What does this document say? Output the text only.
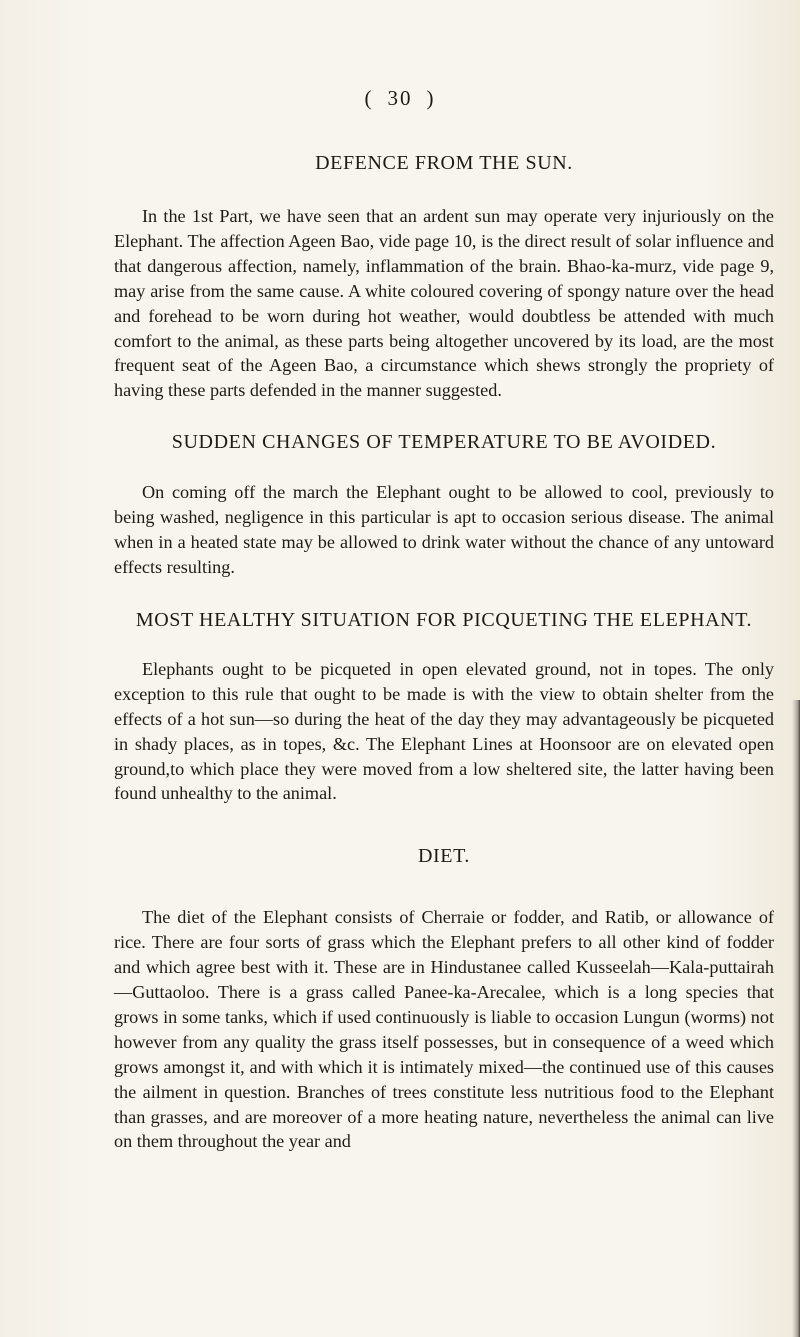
( 30 )
DEFENCE FROM THE SUN.

In the 1st Part, we have seen that an ardent sun may operate very injuriously on the Elephant. The affection Ageen Bao, vide page 10, is the direct result of solar influence and that dangerous affection, namely, inflammation of the brain. Bhao-ka-murz, vide page 9, may arise from the same cause. A white coloured covering of spongy nature over the head and forehead to be worn during hot weather, would doubtless be attended with much comfort to the animal, as these parts being altogether uncovered by its load, are the most frequent seat of the Ageen Bao, a circumstance which shews strongly the propriety of having these parts defended in the manner suggested.

SUDDEN CHANGES OF TEMPERATURE TO BE AVOIDED.

On coming off the march the Elephant ought to be allowed to cool, previously to being washed, negligence in this particular is apt to occasion serious disease. The animal when in a heated state may be allowed to drink water without the chance of any untoward effects resulting.

MOST HEALTHY SITUATION FOR PICQUETING THE ELEPHANT.

Elephants ought to be picqueted in open elevated ground, not in topes. The only exception to this rule that ought to be made is with the view to obtain shelter from the effects of a hot sun—so during the heat of the day they may advantageously be picqueted in shady places, as in topes, &c. The Elephant Lines at Hoonsoor are on elevated open ground,to which place they were moved from a low sheltered site, the latter having been found unhealthy to the animal.

DIET.

The diet of the Elephant consists of Cherraie or fodder, and Ratib, or allowance of rice. There are four sorts of grass which the Elephant prefers to all other kind of fodder and which agree best with it. These are in Hindustanee called Kusseelah—Kala-puttairah—Guttaoloo. There is a grass called Panee-ka-Arecalee, which is a long species that grows in some tanks, which if used continuously is liable to occasion Lungun (worms) not however from any quality the grass itself possesses, but in consequence of a weed which grows amongst it, and with which it is intimately mixed—the continued use of this causes the ailment in question. Branches of trees constitute less nutritious food to the Elephant than grasses, and are moreover of a more heating nature, nevertheless the animal can live on them throughout the year and
